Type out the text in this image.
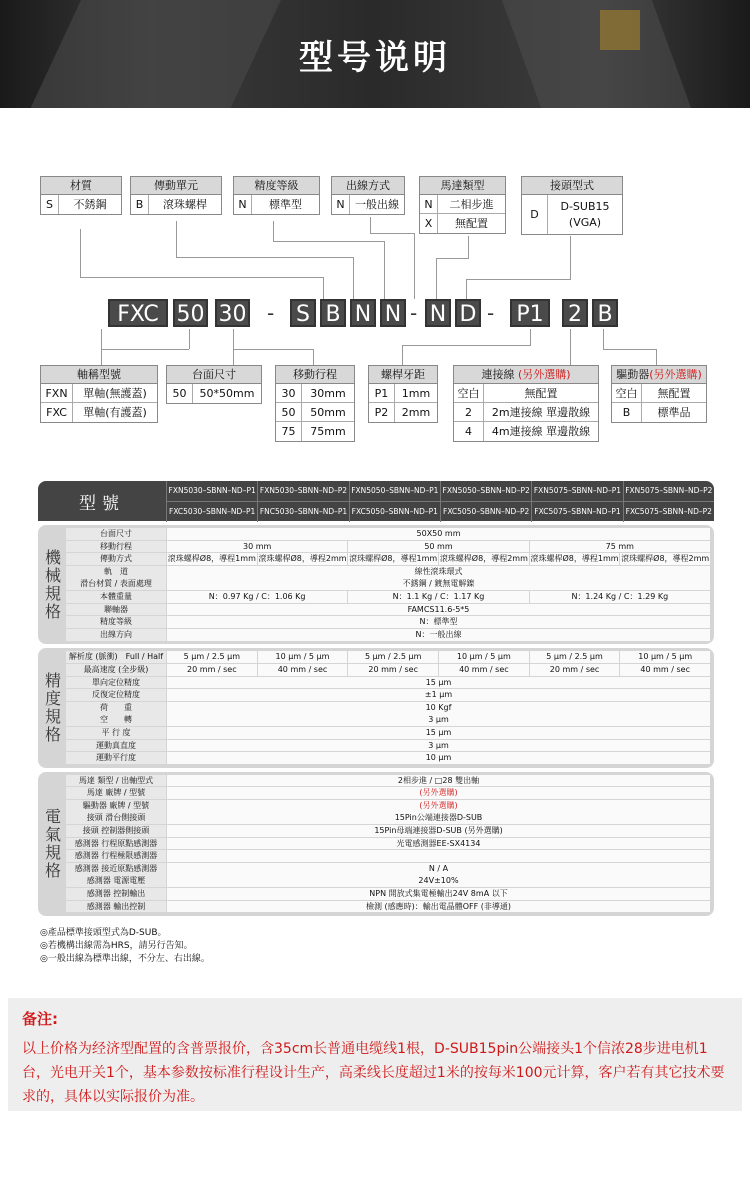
型号说明
材質
S	不銹鋼
傳動單元
B	滾珠螺桿
精度等級
N	標準型
出線方式
N 一般出線
馬達類型
N	二相步進
X	無配置
接頭型式
D
D-SUB15
(VGA)
FXC 50 30 - S B N N - N D - P1 2 B
軸稱型號
FXN	單軸(無護蓋)
FXC	單軸(有護蓋)
台面尺寸
50	50*50mm
移動行程
30	30mm
50	50mm
75	75mm
螺桿牙距
P1	1mm
P2	2mm
連接線 (另外選購)
空白	無配置
2	2m連接線 單邊散線
4	4m連接線 單邊散線
驅動器(另外選購)
空白	無配置
B	標準品
型號
FXN5030–SBNN–ND–P1 FXN5030–SBNN–ND–P2 FXN5050–SBNN–ND–P1 FXN5050–SBNN–ND–P2 FXN5075–SBNN–ND–P1 FXN5075–SBNN–ND–P2
FXC5030–SBNN–ND–P1 FNC5030–SBNN–ND–P1 FXC5050–SBNN–ND–P1 FXC5050–SBNN–ND–P2 FXC5075–SBNN–ND–P1 FXC5075–SBNN–ND–P2
機械規格
台面尺寸	50X50 mm
移動行程	30 mm	50 mm	75 mm
傳動方式	滾珠螺桿Ø8，導程1mm 滾珠螺桿Ø8，導程2mm 滾珠螺桿Ø8，導程1mm 滾珠螺桿Ø8，導程2mm 滾珠螺桿Ø8，導程1mm 滾珠螺桿Ø8，導程2mm
軌　道	線性滾珠環式
滑台材質 / 表面處理	不銹鋼 / 鍍無電解鎳
本體重量	N：0.97 Kg / C：1.06 Kg	N：1.1 Kg / C：1.17 Kg	N：1.24 Kg / C：1.29 Kg
聯軸器	FAMCS11.6-5*5
精度等級	N：標準型
出線方向	N：一般出線
精度規格
解析度 (脈衝)　Full / Half	5 μm / 2.5 μm	10 μm / 5 μm	5 μm / 2.5 μm	10 μm / 5 μm	5 μm / 2.5 μm	10 μm / 5 μm
最高速度 (全步級)	20 mm / sec	40 mm / sec	20 mm / sec	40 mm / sec	20 mm / sec	40 mm / sec
單向定位精度	15 μm
反復定位精度	±1 μm
荷　　重	10 Kgf
空　　轉	3 μm
平 行 度	15 μm
運動真直度	3 μm
運動平行度	10 μm
電氣規格
馬達 類型 / 出軸型式	2相步進 / □28 雙出軸
馬達 廠牌 / 型號	(另外選購)
驅動器 廠牌 / 型號	(另外選購)
接頭 滑台側接頭	15Pin公端連接器D-SUB
接頭 控制器側接頭	15Pin母端連接器D-SUB (另外選購)
感測器 行程原點感測器	光電感測器EE-SX4134
感測器 行程極限感測器
感測器 接近原點感測器	N / A
感測器 電源電壓	24V±10%
感測器 控制輸出	NPN 開放式集電極輸出24V 8mA 以下
感測器 輸出控制	檢測 (感應時)：輸出電晶體OFF (非導通)
◎產品標準接頭型式為D-SUB。
◎若機構出線需為HRS，請另行告知。
◎一般出線為標準出線，不分左、右出線。
备注:
以上价格为经济型配置的含普票报价，含35cm长普通电缆线1根，D-SUB15pin公端接头1个信浓28步进电机1台，光电开关1个，基本参数按标准行程设计生产，高柔线长度超过1米的按每米100元计算，客户若有其它技术要求的，具体以实际报价为准。
